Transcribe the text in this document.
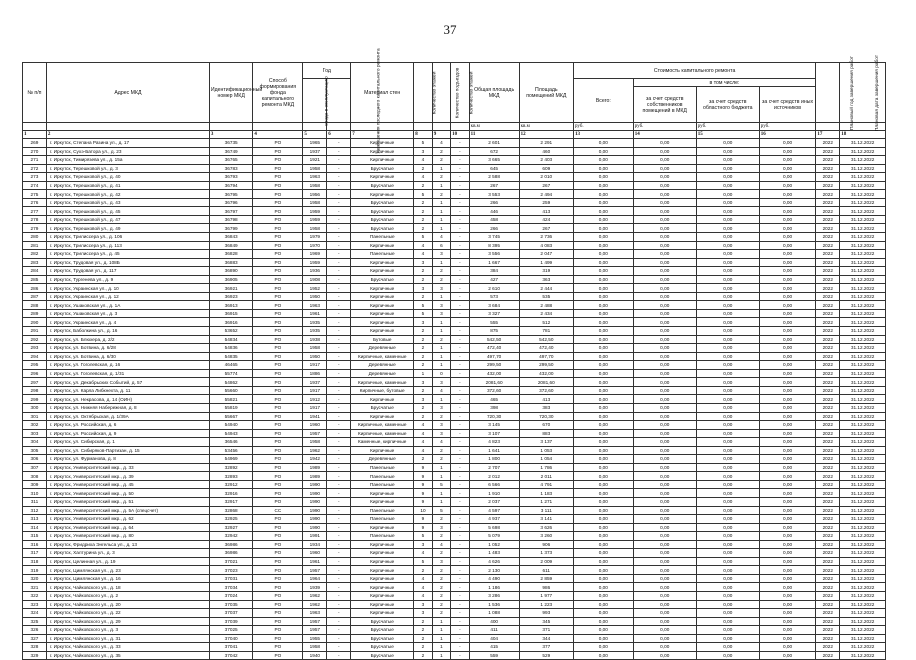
37
№ п/п	Адрес МКД	Идентификационный номер МКД	Способ формирования фонда капитального ремонта МКД	Год		Материал стен	Количество этажей	Количество подъездов	Количество этажей	Общая площадь МКД	Площадь помещений МКД	Стоимость капитального ремонта				Плановый год завершения работ	Плановая дата завершения работ
				ввода в эксплуатацию	завершения последнего капитального ремонта							Всего:	в том числе:				
													за счет средств собственников помещений в МКД	за счет средств областного бюджета	за счет средств иных источников		
										кв.м	кв.м	руб.	руб.	руб.	руб.		
1	2	3	4	5	6	7	8	9	10	11	12	13	14	15	16	17	18
269	г. Иркутск, Степана Разина ул., д. 17	36735	РО	1965	-	Кирпичные	5	4	-	2 601	2 291	0,00	0,00	0,00	0,00	2022	31.12.2022
270	г. Иркутск, Сухэ-Батора ул., д. 23	36749	РО	1937	-	Кирпичные	3	2	-	672	460	0,00	0,00	0,00	0,00	2022	31.12.2022
271	г. Иркутск, Тимирязева ул., д. 15а	36765	РО	1921	-	Кирпичные	4	2	-	3 665	2 403	0,00	0,00	0,00	0,00	2022	31.12.2022
272	г. Иркутск, Терешковой ул., д. 3	36783	РО	1958	-	Брусчатые	2	1	-	645	609	0,00	0,00	0,00	0,00	2022	31.12.2022
273	г. Иркутск, Терешковой ул., д. 40	36793	РО	1963	-	Кирпичные	4	2	-	2 588	2 010	0,00	0,00	0,00	0,00	2022	31.12.2022
274	г. Иркутск, Терешковой ул., д. 41	36794	РО	1958	-	Брусчатые	2	1	-	267	267	0,00	0,00	0,00	0,00	2022	31.12.2022
275	г. Иркутск, Терешковой ул., д. 42	36795	РО	1956	-	Кирпичные	5	2	-	3 553	2 494	0,00	0,00	0,00	0,00	2022	31.12.2022
276	г. Иркутск, Терешковой ул., д. 43	36796	РО	1958	-	Брусчатые	2	1	-	266	259	0,00	0,00	0,00	0,00	2022	31.12.2022
277	г. Иркутск, Терешковой ул., д. 45	36797	РО	1959	-	Брусчатые	2	1	-	446	413	0,00	0,00	0,00	0,00	2022	31.12.2022
278	г. Иркутск, Терешковой ул., д. 47	36798	РО	1959	-	Брусчатые	2	1	-	458	424	0,00	0,00	0,00	0,00	2022	31.12.2022
279	г. Иркутск, Терешковой ул., д. 49	36799	РО	1958	-	Брусчатые	2	1	-	266	267	0,00	0,00	0,00	0,00	2022	31.12.2022
280	г. Иркутск, Трилиссера ул., д. 106	36843	РО	1979	-	Панельные	5	4	-	3 745	2 736	0,00	0,00	0,00	0,00	2022	31.12.2022
281	г. Иркутск, Трилиссера ул., д. 113	36849	РО	1970	-	Кирпичные	4	6	-	8 395	4 083	0,00	0,00	0,00	0,00	2022	31.12.2022
282	г. Иркутск, Трилиссера ул., д. 45	36828	РО	1969	-	Панельные	4	3	-	3 556	2 047	0,00	0,00	0,00	0,00	2022	31.12.2022
283	г. Иркутск, Трудовая ул., д. 108Б	36883	РО	1959	-	Кирпичные	3	1	-	1 667	1 499	0,00	0,00	0,00	0,00	2022	31.12.2022
284	г. Иркутск, Трудовая ул., д. 117	36890	РО	1936	-	Кирпичные	2	2	-	384	319	0,00	0,00	0,00	0,00	2022	31.12.2022
285	г. Иркутск, Тургенева ул., д. 9	36905	РО	1908	-	Брусчатые	2	2	-	427	363	0,00	0,00	0,00	0,00	2022	31.12.2022
286	г. Иркутск, Украинская ул., д. 10	36921	РО	1952	-	Кирпичные	3	3	-	2 610	2 444	0,00	0,00	0,00	0,00	2022	31.12.2022
287	г. Иркутск, Украинская ул., д. 12	36923	РО	1950	-	Кирпичные	2	1	-	573	535	0,00	0,00	0,00	0,00	2022	31.12.2022
288	г. Иркутск, Ушаковская ул., д. 1А	36913	РО	1963	-	Кирпичные	5	3	-	3 684	2 488	0,00	0,00	0,00	0,00	2022	31.12.2022
289	г. Иркутск, Ушаковская ул., д. 3	36915	РО	1961	-	Кирпичные	5	3	-	3 327	2 434	0,00	0,00	0,00	0,00	2022	31.12.2022
290	г. Иркутск, Украинская ул., д. 4	36916	РО	1935	-	Кирпичные	3	1	-	555	512	0,00	0,00	0,00	0,00	2022	31.12.2022
291	г. Иркутск, Баболкина ул., д. 16	53652	РО	1935	-	Кирпичные	2	1	-	875	781	0,00	0,00	0,00	0,00	2022	31.12.2022
292	г. Иркутск, ул. Блюхера, д. 2/2	54834	РО	1938	-	Бутовые	2	2	-	542,50	542,50	0,00	0,00	0,00	0,00	2022	31.12.2022
293	г. Иркутск, ул. Ботвина, д. 6/28	54836	РО	1958	-	Деревянные	2	1	-	472,40	472,40	0,00	0,00	0,00	0,00	2022	31.12.2022
294	г. Иркутск, ул. Ботвина, д. 6/30	54835	РО	1950	-	Кирпичные, каменные	2	1	-	497,70	497,70	0,00	0,00	0,00	0,00	2022	31.12.2022
295	г. Иркутск, ул. Гоголевская, д. 16	46465	РО	1917	-	Деревянные	2	1	-	299,50	299,50	0,00	0,00	0,00	0,00	2022	31.12.2022
296	г. Иркутск, ул. Гоголевская, д. 1/31	55774	РО	1886	-	Деревянные	1	0	-	432,00	432,00	0,00	0,00	0,00	0,00	2022	31.12.2022
297	г. Иркутск, ул. Декабрьских Событий, д. 57	54862	РО	1937	-	Кирпичные, каменные	3	3	-	2081,60	2081,60	0,00	0,00	0,00	0,00	2022	31.12.2022
298	г. Иркутск, ул. Карла Либкнехта, д. 11	55660	РО	1917	-	Кирпичные, бутовые	2	4	-	372,60	372,60	0,00	0,00	0,00	0,00	2022	31.12.2022
299	г. Иркутск, ул. Некрасова, д. 14 (ОИН)	55821	РО	1912	-	Кирпичные	3	1	-	465	413	0,00	0,00	0,00	0,00	2022	31.12.2022
300	г. Иркутск, ул. Нижняя Набережная, д. 8	55819	РО	1917	-	Брусчатые	2	3	-	398	383	0,00	0,00	0,00	0,00	2022	31.12.2022
301	г. Иркутск, ул. Октябрьская, д. 1/39А	55667	РО	1941	-	Кирпичные	2	2	-	720,30	720,30	0,00	0,00	0,00	0,00	2022	31.12.2022
302	г. Иркутск, ул. Российская, д. 6	54940	РО	1960	-	Кирпичные, каменные	4	3	-	3 145	670	0,00	0,00	0,00	0,00	2022	31.12.2022
303	г. Иркутск, ул. Российская, д. 9	54943	РО	1957	-	Кирпичные, каменные	4	3	-	3 107	883	0,00	0,00	0,00	0,00	2022	31.12.2022
304	г. Иркутск, ул. Сибирская, д. 1	36546	РО	1958	-	Каменные, кирпичные	4	4	-	4 823	3 137	0,00	0,00	0,00	0,00	2022	31.12.2022
305	г. Иркутск, ул. Сибиряков-Партизан, д. 15	53456	РО	1962	-	Кирпичные	4	2	-	1 641	1 053	0,00	0,00	0,00	0,00	2022	31.12.2022
306	г. Иркутск, ул. Фурманова, д. 8	54969	РО	1942	-	Деревянные	2	2	-	1 800	1 054	0,00	0,00	0,00	0,00	2022	31.12.2022
307	г. Иркутск, Университетский мкр., д. 33	32892	РО	1989	-	Панельные	9	1	-	2 707	1 786	0,00	0,00	0,00	0,00	2022	31.12.2022
308	г. Иркутск, Университетский мкр., д. 39	32893	РО	1989	-	Панельные	9	1	-	2 012	2 011	0,00	0,00	0,00	0,00	2022	31.12.2022
309	г. Иркутск, Университетский мкр., д. 45	32912	РО	1990	-	Панельные	9	5	-	6 566	4 791	0,00	0,00	0,00	0,00	2022	31.12.2022
310	г. Иркутск, Университетский мкр., д. 50	32916	РО	1990	-	Кирпичные	9	1	-	1 910	1 183	0,00	0,00	0,00	0,00	2022	31.12.2022
311	г. Иркутск, Университетский мкр., д. 51	32917	РО	1990	-	Кирпичные	9	1	-	2 037	1 271	0,00	0,00	0,00	0,00	2022	31.12.2022
312	г. Иркутск, Университетский мкр., д. 5А (спецсчет)	32868	СС	1990	-	Панельные	10	5	-	4 597	3 111	0,00	0,00	0,00	0,00	2022	31.12.2022
313	г. Иркутск, Университетский мкр., д. 62	32925	РО	1990	-	Панельные	9	2	-	4 937	3 141	0,00	0,00	0,00	0,00	2022	31.12.2022
314	г. Иркутск, Университетский мкр., д. 64	32927	РО	1990	-	Кирпичные	9	3	-	5 698	3 626	0,00	0,00	0,00	0,00	2022	31.12.2022
315	г. Иркутск, Университетский мкр., д. 80	32942	РО	1991	-	Панельные	5	2	-	5 079	3 260	0,00	0,00	0,00	0,00	2022	31.12.2022
316	г. Иркутск, Фридриха Энгельса ул., д. 13	36986	РО	1934	-	Кирпичные	3	4	-	1 052	906	0,00	0,00	0,00	0,00	2022	31.12.2022
317	г. Иркутск, Халтурина ул., д. 3	36986	РО	1960	-	Кирпичные	4	2	-	1 483	1 373	0,00	0,00	0,00	0,00	2022	31.12.2022
318	г. Иркутск, Целинная ул., д. 19	37021	РО	1961	-	Кирпичные	5	3	-	4 626	2 009	0,00	0,00	0,00	0,00	2022	31.12.2022
319	г. Иркутск, Цимлянская ул., д. 23	37023	РО	1957	-	Кирпичные	2	2	-	2 130	611	0,00	0,00	0,00	0,00	2022	31.12.2022
320	г. Иркутск, Цимлянская ул., д. 16	37031	РО	1964	-	Кирпичные	4	2	-	4 490	2 859	0,00	0,00	0,00	0,00	2022	31.12.2022
321	г. Иркутск, Чайковского ул., д. 18	37034	РО	1939	-	Кирпичные	4	2	-	1 186	986	0,00	0,00	0,00	0,00	2022	31.12.2022
322	г. Иркутск, Чайковского ул., д. 2	37024	РО	1962	-	Кирпичные	4	2	-	3 286	1 977	0,00	0,00	0,00	0,00	2022	31.12.2022
323	г. Иркутск, Чайковского ул., д. 20	37035	РО	1962	-	Кирпичные	3	2	-	1 536	1 223	0,00	0,00	0,00	0,00	2022	31.12.2022
324	г. Иркутск, Чайковского ул., д. 22	37037	РО	1963	-	Кирпичные	3	2	-	1 088	993	0,00	0,00	0,00	0,00	2022	31.12.2022
325	г. Иркутск, Чайковского ул., д. 29	37039	РО	1957	-	Брусчатые	2	1	-	400	345	0,00	0,00	0,00	0,00	2022	31.12.2022
326	г. Иркутск, Чайковского ул., д. 3	37025	РО	1957	-	Брусчатые	2	1	-	411	371	0,00	0,00	0,00	0,00	2022	31.12.2022
327	г. Иркутск, Чайковского ул., д. 31	37040	РО	1955	-	Брусчатые	2	1	-	404	344	0,00	0,00	0,00	0,00	2022	31.12.2022
328	г. Иркутск, Чайковского ул., д. 33	37041	РО	1958	-	Брусчатые	2	1	-	415	377	0,00	0,00	0,00	0,00	2022	31.12.2022
329	г. Иркутск, Чайковского ул., д. 35	37042	РО	1940	-	Брусчатые	2	1	-	559	529	0,00	0,00	0,00	0,00	2022	31.12.2022
